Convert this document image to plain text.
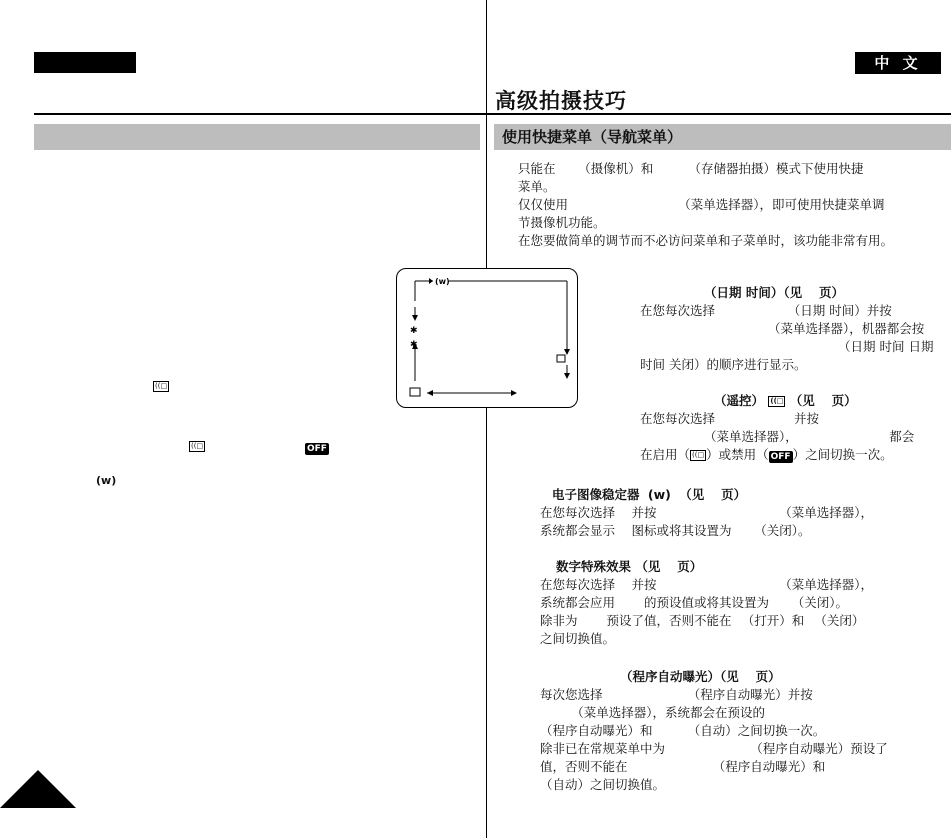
中 文
高级拍摄技巧
使用快捷菜单（导航菜单）
只能在 　　（摄像机）和 　　　（存储器拍摄）模式下使用快捷
菜单。
仅仅使用 　　　　　　　　　（菜单选择器），即可使用快捷菜单调
节摄像机功能。
在您要做简单的调节而不必访问菜单和子菜单时，该功能非常有用。
(w)
✱
✱
((□
((□	OFF
(w)
（日期 时间）（见 　页）
在您每次选择 　　　　　　（日期 时间）并按
（菜单选择器），机器都会按
（日期 时间 日期
时间 关闭）的顺序进行显示。
（遥控） ((□ （见 　页）
在您每次选择 　　　　　　并按
（菜单选择器）， 　　　　　　　都会
在启用（ ((□ ）或禁用（ OFF ）之间切换一次。
电子图像稳定器 (w) （见 　页）
在您每次选择 　并按 　　　　　　　　　　（菜单选择器），
系统都会显示 　图标或将其设置为 　　（关闭）。
数字特殊效果 （见 　页）
在您每次选择 　并按 　　　　　　　　　　（菜单选择器），
系统都会应用 　　的预设值或将其设置为 　　（关闭）。
除非为 　　预设了值，否则不能在 　（打开）和 　（关闭）
之间切换值。
（程序自动曝光）（见 　页）
每次您选择 　　　　　　　（程序自动曝光）并按
　　　（菜单选择器），系统都会在预设的
（程序自动曝光）和 　　　（自动）之间切换一次。
除非已在常规菜单中为 　　　　　　　（程序自动曝光）预设了
值，否则不能在 　　　　　　　（程序自动曝光）和
（自动）之间切换值。
